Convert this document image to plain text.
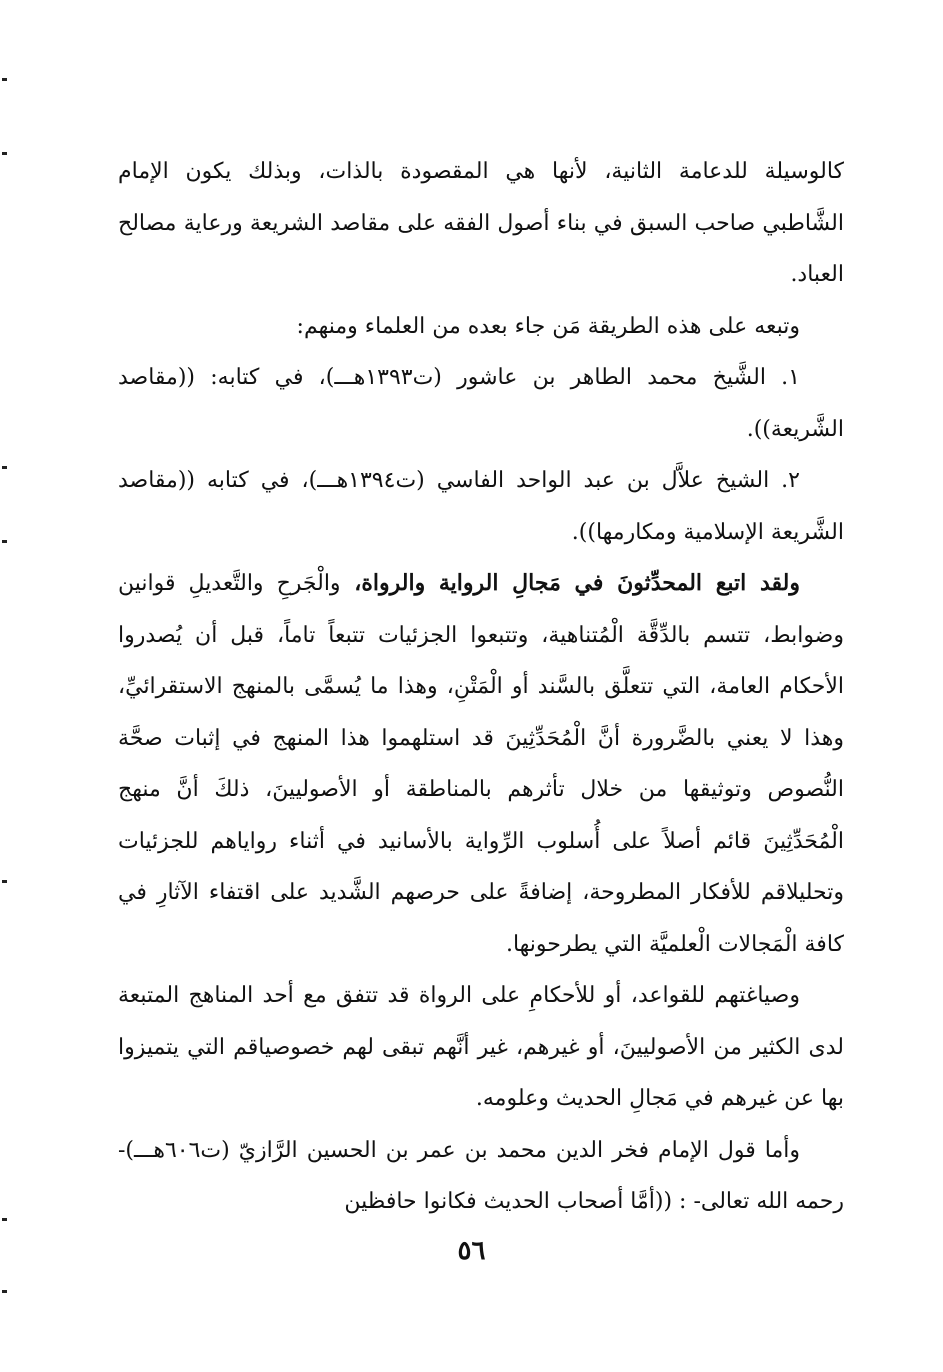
كالوسيلة للدعامة الثانية، لأنها هي المقصودة بالذات، وبذلك يكون الإمام الشَّاطبي صاحب السبق في بناء أصول الفقه على مقاصد الشريعة ورعاية مصالح العباد.

وتبعه على هذه الطريقة مَن جاء بعده من العلماء ومنهم:

١. الشَّيخ محمد الطاهر بن عاشور (ت١٣٩٣هـــ)، في كتابه: ((مقاصد الشَّريعة)).

٢. الشيخ علاَّل بن عبد الواحد الفاسي (ت١٣٩٤هـــ)، في كتابه ((مقاصد الشَّريعة الإسلامية ومكارمها)).

ولقد اتبع المحدِّثونَ في مَجالِ الرواية والرواة، والْجَرحِ والتَّعديلِ قوانين وضوابط، تتسم بالدِّقَّة الْمُتناهية، وتتبعوا الجزئيات تتبعاً تاماً، قبل أن يُصدروا الأحكام العامة، التي تتعلَّق بالسَّند أو الْمَتْنِ، وهذا ما يُسمَّى بالمنهج الاستقرائيِّ، وهذا لا يعني بالضَّرورة أنَّ الْمُحَدِّثِينَ قد استلهموا هذا المنهج في إثبات صحَّة النُّصوص وتوثيقها من خلال تأثرهم بالمناطقة أو الأصوليينَ، ذلكَ أنَّ منهج الْمُحَدِّثِينَ قائم أصلاً على أُسلوب الرِّواية بالأسانيد في أثناء رواياهم للجزئيات وتحليلاقم للأفكار المطروحة، إضافةً على حرصهم الشَّديد على اقتفاء الآثارِ في كافة الْمَجالات الْعلميَّة التي يطرحونها.

وصياغتهم للقواعد، أو للأحكامِ على الرواة قد تتفق مع أحد المناهج المتبعة لدى الكثير من الأصوليينَ، أو غيرهم، غير أنَّهم تبقى لهم خصوصياقم التي يتميزوا بها عن غيرهم في مَجالِ الحديث وعلومه.

وأما قول الإمام فخر الدين محمد بن عمر بن الحسين الرَّازيّ (ت٦٠٦هـــ)- رحمه الله تعالى- : ((أمَّا أصحاب الحديث فكانوا حافظين

٥٦
